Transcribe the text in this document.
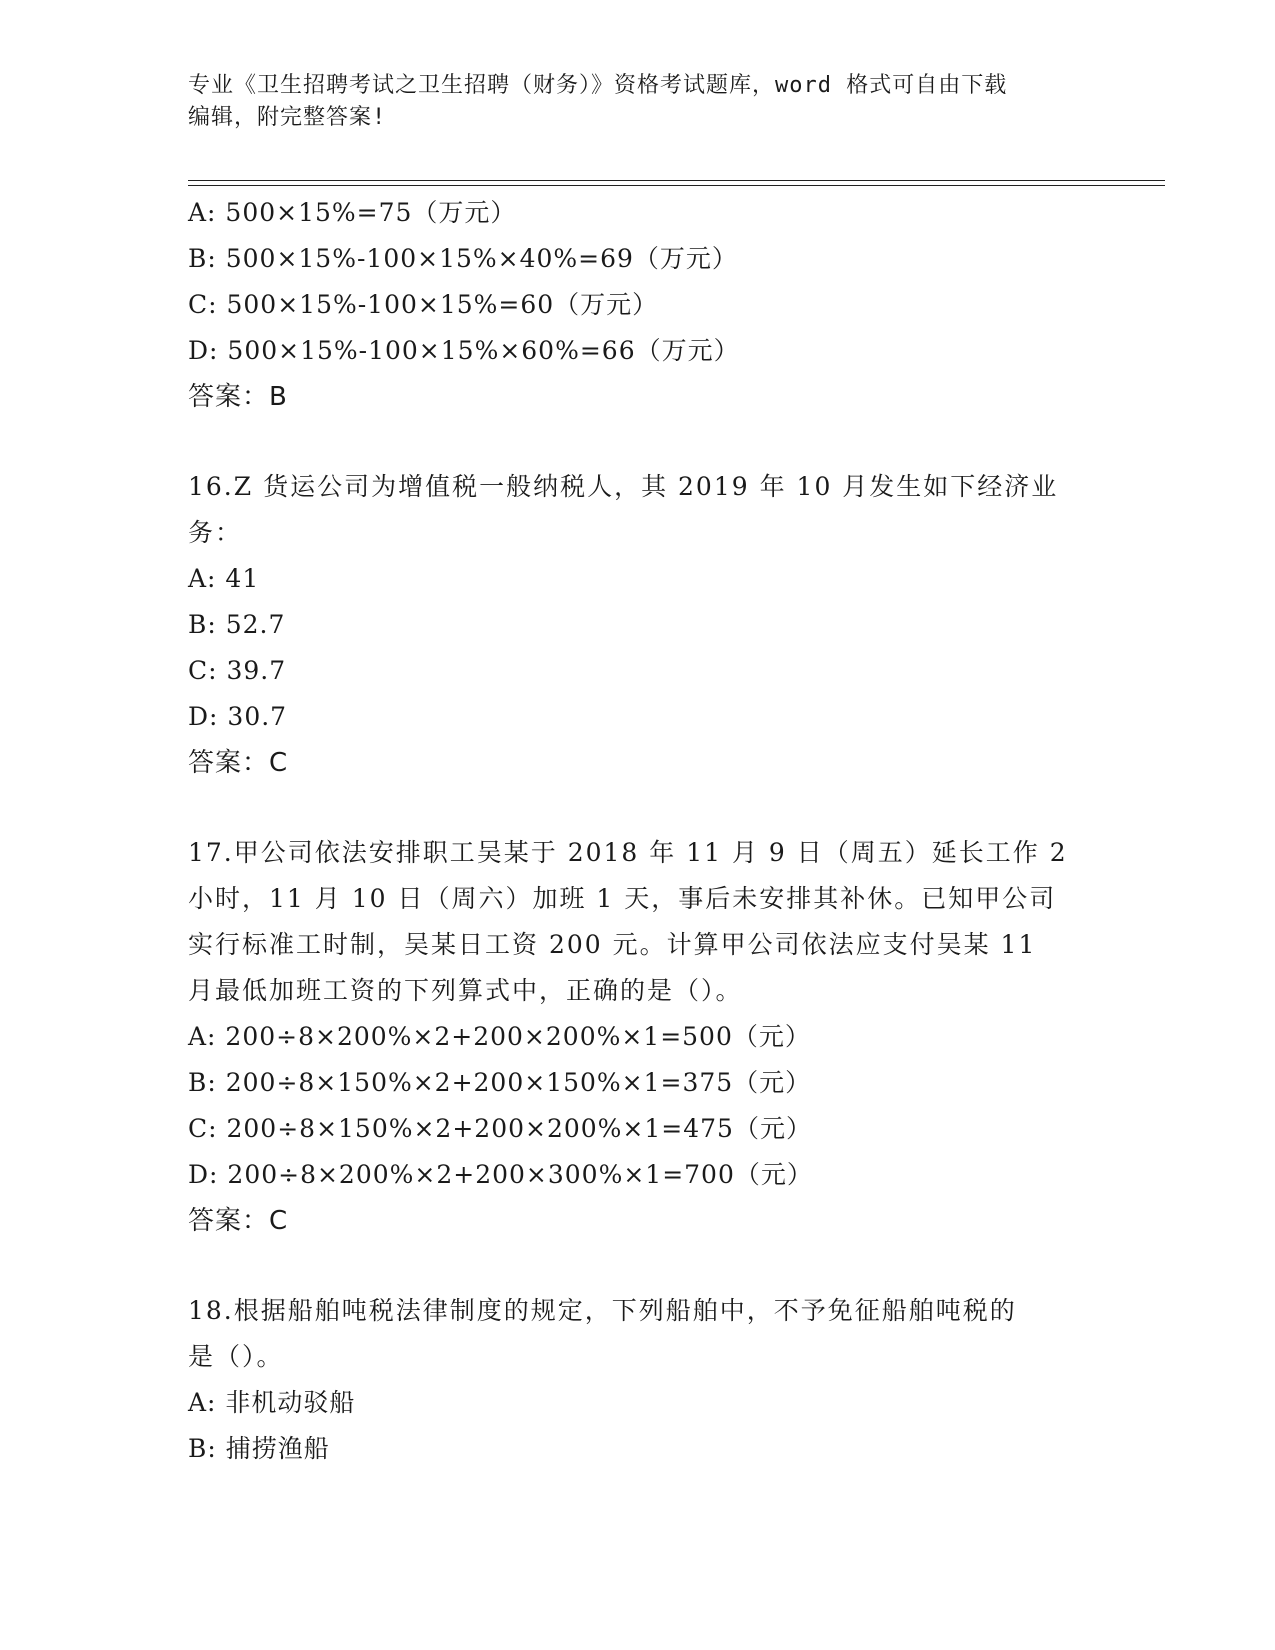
专业《卫生招聘考试之卫生招聘（财务）》资格考试题库，word 格式可自由下载
编辑，附完整答案!
A: 500×15%=75（万元）
B: 500×15%-100×15%×40%=69（万元）
C: 500×15%-100×15%=60（万元）
D: 500×15%-100×15%×60%=66（万元）
答案：B
16.Z 货运公司为增值税一般纳税人，其 2019 年 10 月发生如下经济业
务：
A: 41
B: 52.7
C: 39.7
D: 30.7
答案：C
17.甲公司依法安排职工吴某于 2018 年 11 月 9 日（周五）延长工作 2
小时，11 月 10 日（周六）加班 1 天，事后未安排其补休。已知甲公司
实行标准工时制，吴某日工资 200 元。计算甲公司依法应支付吴某 11
月最低加班工资的下列算式中，正确的是（）。
A: 200÷8×200%×2+200×200%×1=500（元）
B: 200÷8×150%×2+200×150%×1=375（元）
C: 200÷8×150%×2+200×200%×1=475（元）
D: 200÷8×200%×2+200×300%×1=700（元）
答案：C
18.根据船舶吨税法律制度的规定，下列船舶中，不予免征船舶吨税的
是（）。
A: 非机动驳船
B: 捕捞渔船
